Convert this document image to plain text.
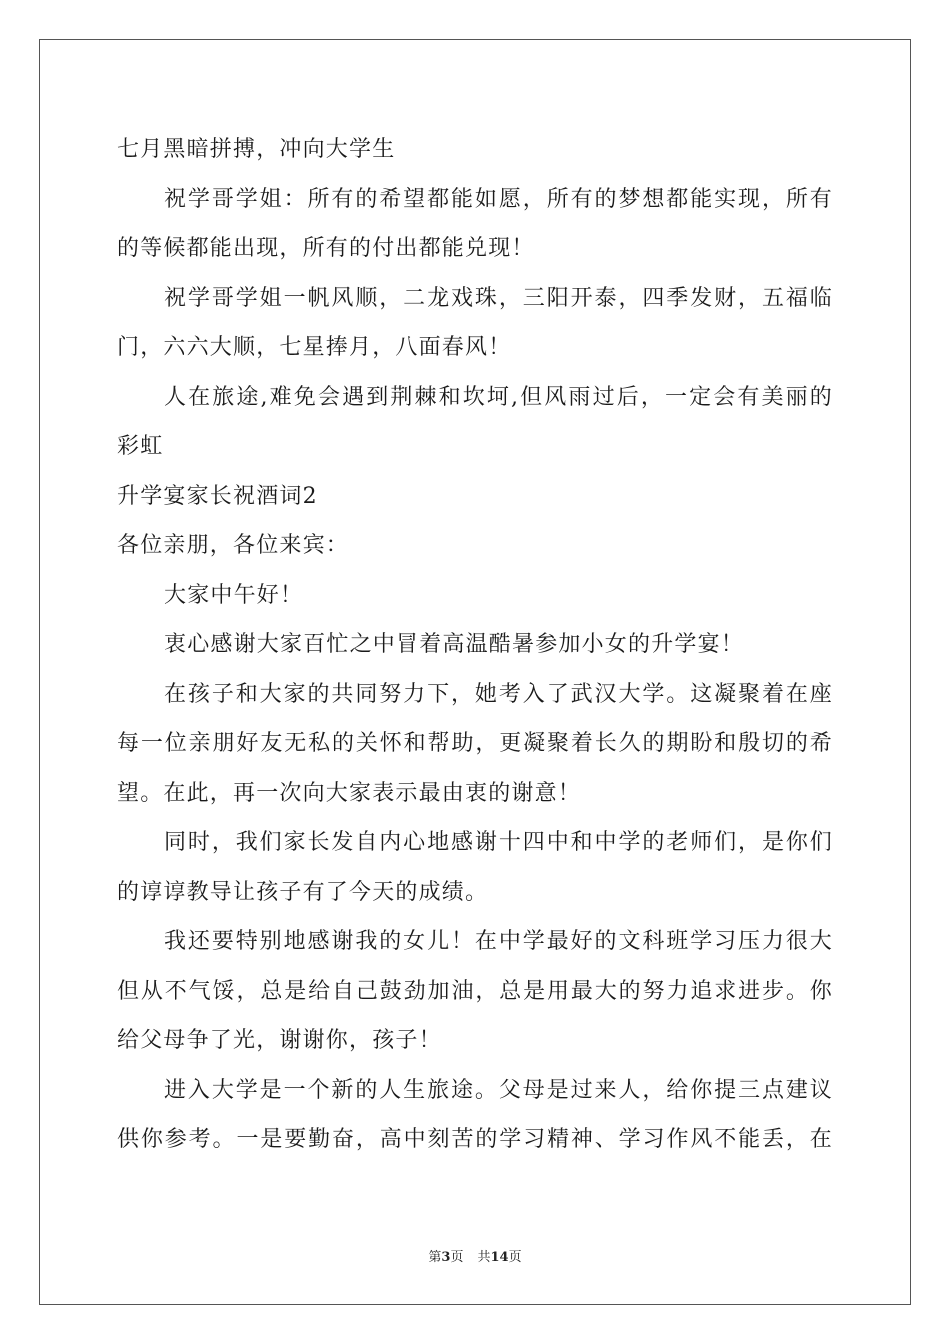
七月黑暗拼搏，冲向大学生
祝学哥学姐：所有的希望都能如愿，所有的梦想都能实现，所有
的等候都能出现，所有的付出都能兑现！
祝学哥学姐一帆风顺，二龙戏珠，三阳开泰，四季发财，五福临
门，六六大顺，七星捧月，八面春风！
人在旅途,难免会遇到荆棘和坎坷,但风雨过后，一定会有美丽的
彩虹
升学宴家长祝酒词2
各位亲朋，各位来宾：
大家中午好！
衷心感谢大家百忙之中冒着高温酷暑参加小女的升学宴！
在孩子和大家的共同努力下，她考入了武汉大学。这凝聚着在座
每一位亲朋好友无私的关怀和帮助，更凝聚着长久的期盼和殷切的希
望。在此，再一次向大家表示最由衷的谢意！
同时，我们家长发自内心地感谢十四中和中学的老师们，是你们
的谆谆教导让孩子有了今天的成绩。
我还要特别地感谢我的女儿！在中学最好的文科班学习压力很大
但从不气馁，总是给自己鼓劲加油，总是用最大的努力追求进步。你
给父母争了光，谢谢你，孩子！
进入大学是一个新的人生旅途。父母是过来人，给你提三点建议
供你参考。一是要勤奋，高中刻苦的学习精神、学习作风不能丢，在
第3页 共14页
